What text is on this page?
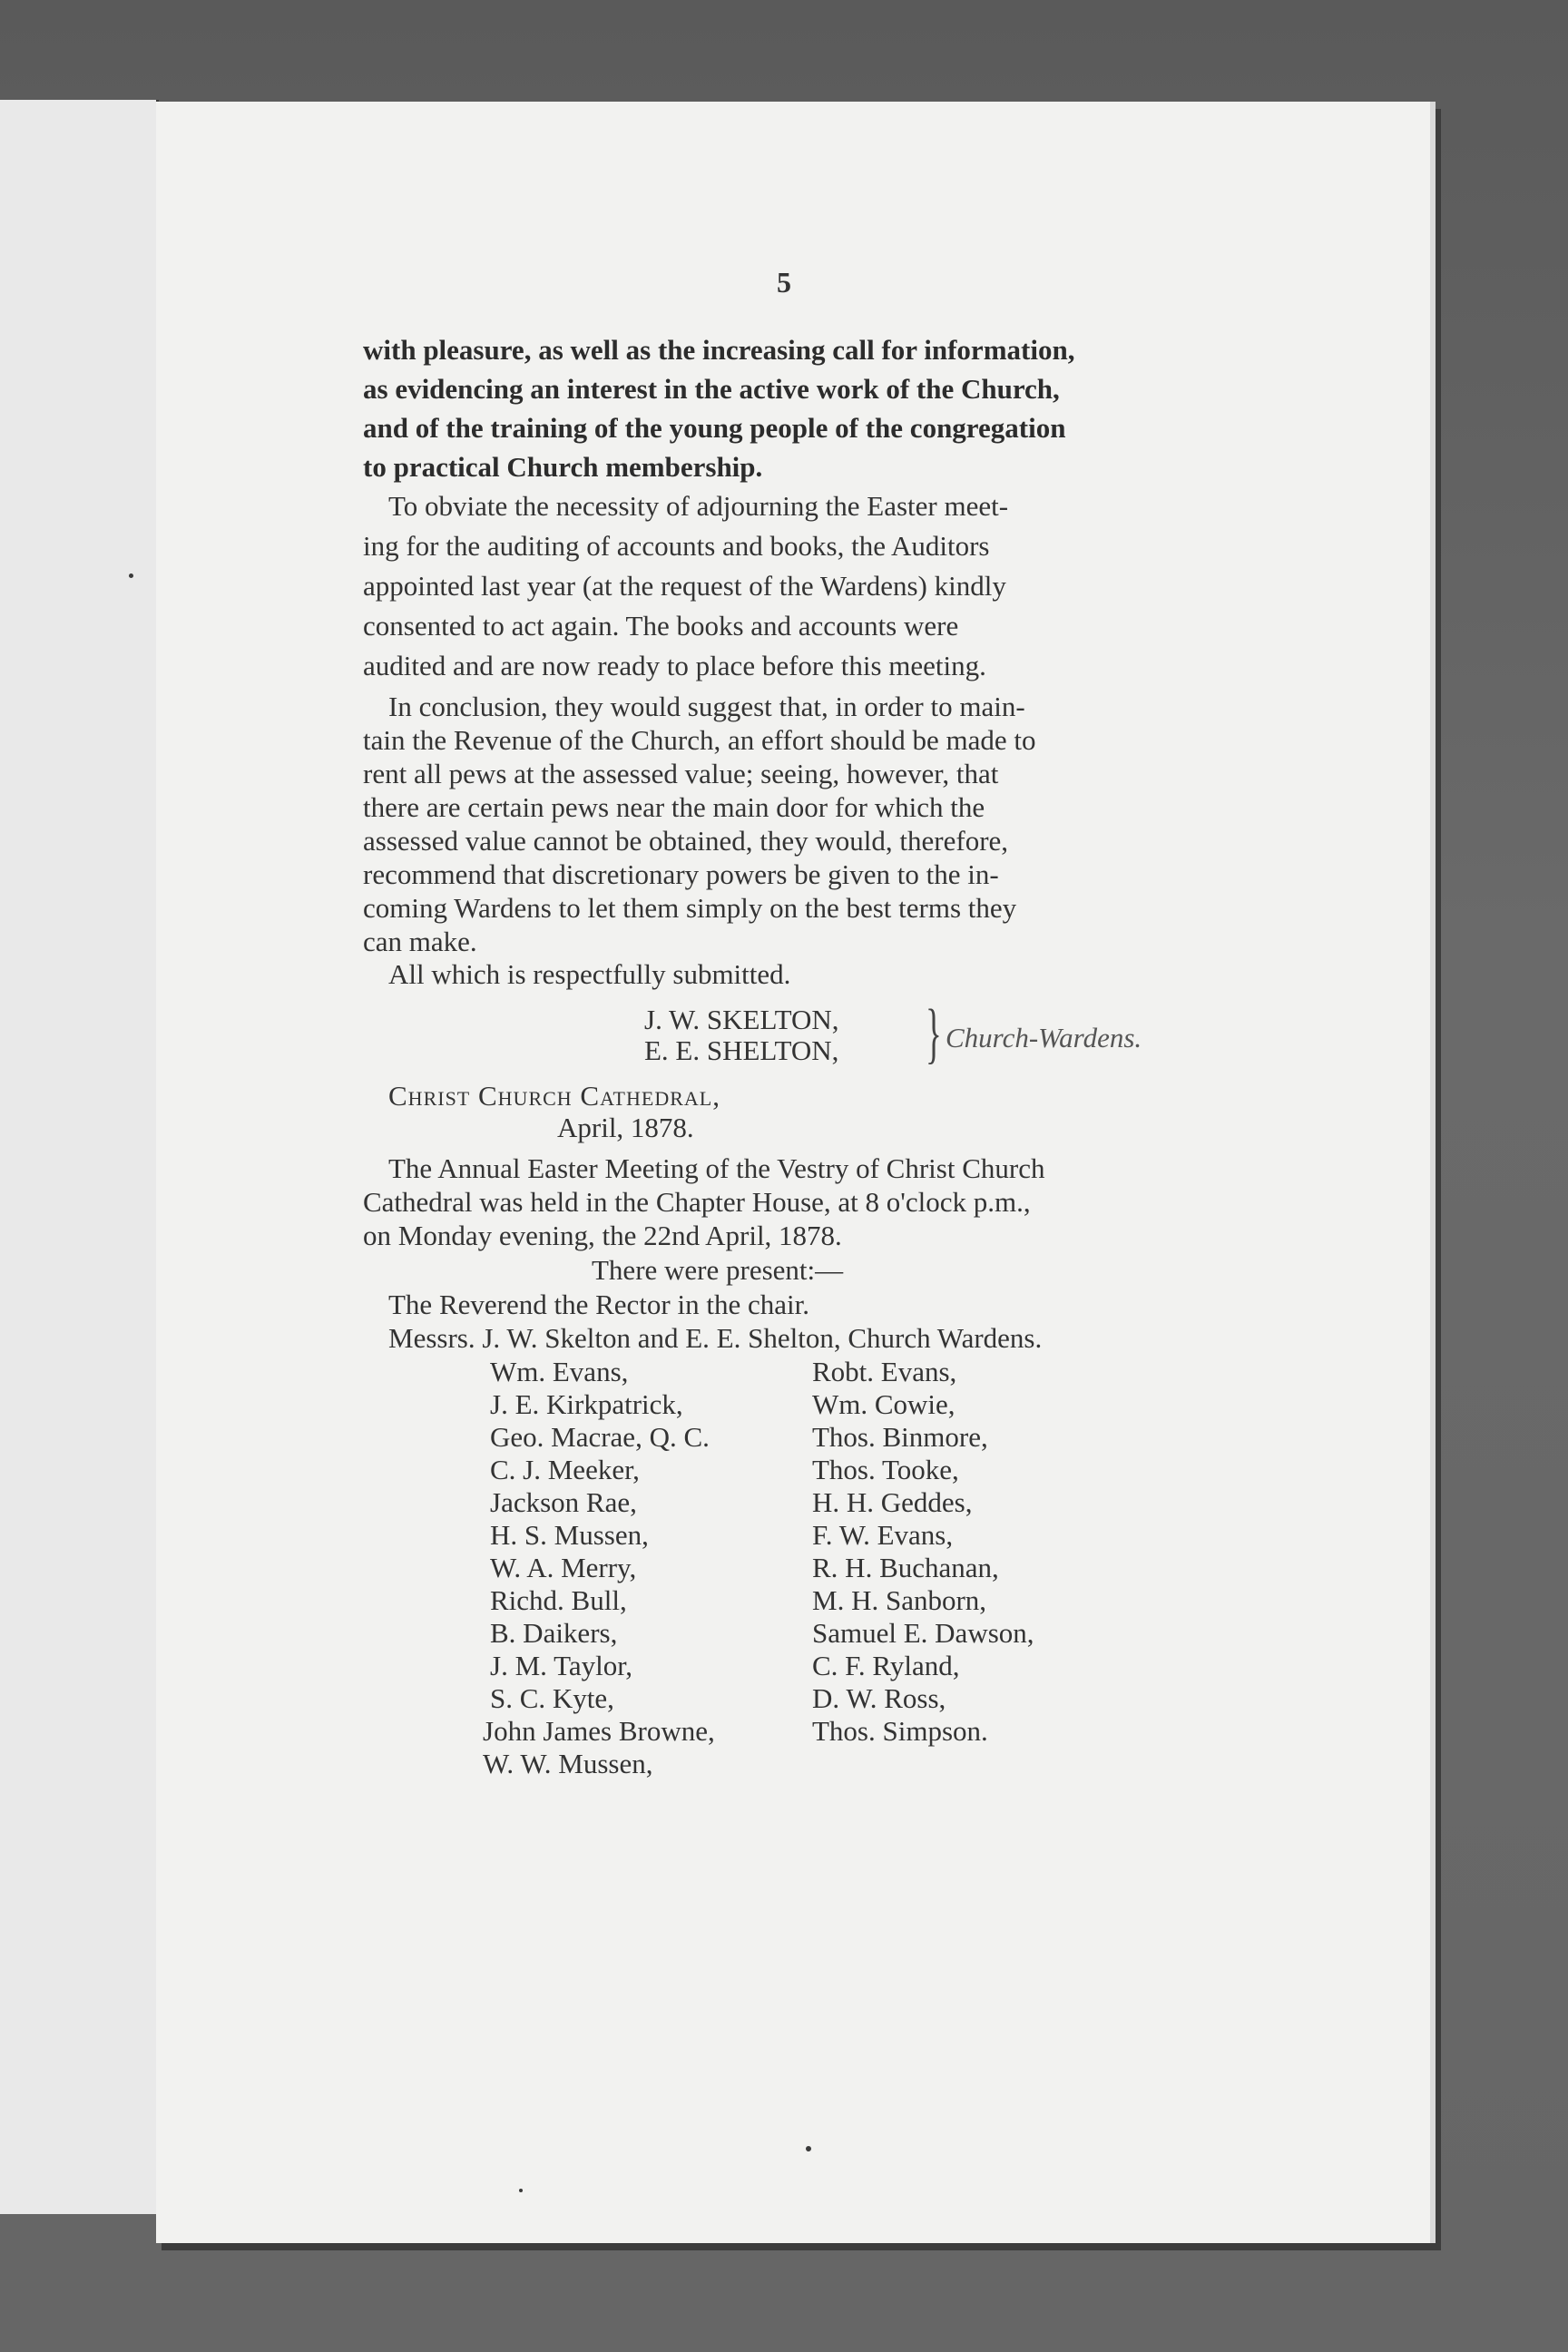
5
with pleasure, as well as the increasing call for information,
as evidencing an interest in the active work of the Church,
and of the training of the young people of the congregation
to practical Church membership.
To obviate the necessity of adjourning the Easter meet-
ing for the auditing of accounts and books, the Auditors
appointed last year (at the request of the Wardens) kindly
consented to act again. The books and accounts were
audited and are now ready to place before this meeting.
In conclusion, they would suggest that, in order to main-
tain the Revenue of the Church, an effort should be made to
rent all pews at the assessed value; seeing, however, that
there are certain pews near the main door for which the
assessed value cannot be obtained, they would, therefore,
recommend that discretionary powers be given to the in-
coming Wardens to let them simply on the best terms they
can make.
All which is respectfully submitted.
J. W. SKELTON,
E. E. SHELTON, } Church-Wardens.
Christ Church Cathedral,
April, 1878.
The Annual Easter Meeting of the Vestry of Christ Church
Cathedral was held in the Chapter House, at 8 o'clock p.m.,
on Monday evening, the 22nd April, 1878.
There were present:—
The Reverend the Rector in the chair.
Messrs. J. W. Skelton and E. E. Shelton, Church Wardens.
Wm. Evans,
J. E. Kirkpatrick,
Geo. Macrae, Q. C.
C. J. Meeker,
Jackson Rae,
H. S. Mussen,
W. A. Merry,
Richd. Bull,
B. Daikers,
J. M. Taylor,
S. C. Kyte,
John James Browne,
W. W. Mussen,
Robt. Evans,
Wm. Cowie,
Thos. Binmore,
Thos. Tooke,
H. H. Geddes,
F. W. Evans,
R. H. Buchanan,
M. H. Sanborn,
Samuel E. Dawson,
C. F. Ryland,
D. W. Ross,
Thos. Simpson.
